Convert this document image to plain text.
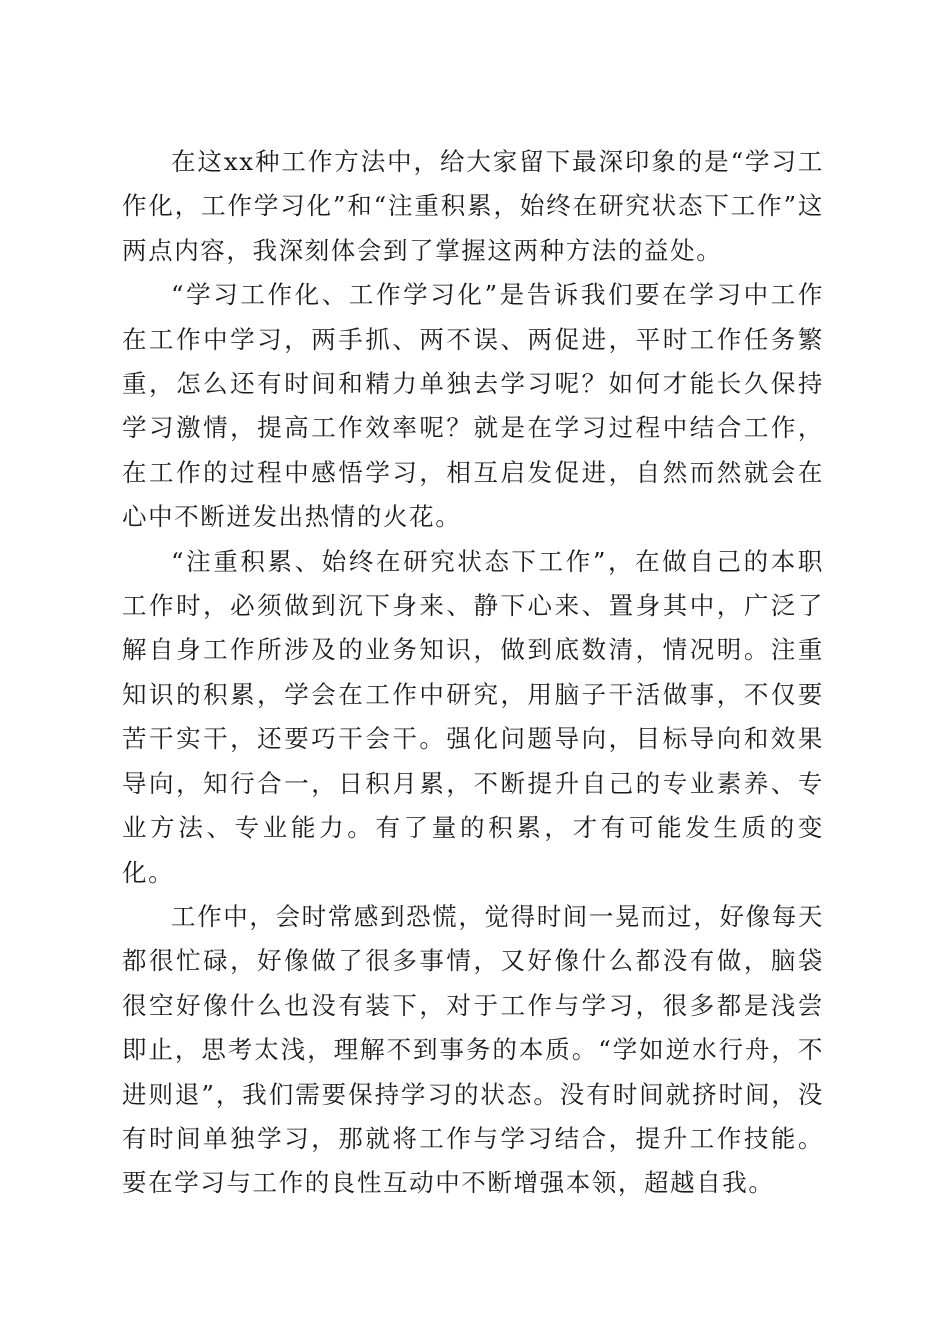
在这xx种工作方法中，给大家留下最深印象的是“学习工作化，工作学习化”和“注重积累，始终在研究状态下工作”这两点内容，我深刻体会到了掌握这两种方法的益处。

“学习工作化、工作学习化”是告诉我们要在学习中工作在工作中学习，两手抓、两不误、两促进，平时工作任务繁重，怎么还有时间和精力单独去学习呢？如何才能长久保持学习激情，提高工作效率呢？就是在学习过程中结合工作，在工作的过程中感悟学习，相互启发促进，自然而然就会在心中不断迸发出热情的火花。

“注重积累、始终在研究状态下工作”，在做自己的本职工作时，必须做到沉下身来、静下心来、置身其中，广泛了解自身工作所涉及的业务知识，做到底数清，情况明。注重知识的积累，学会在工作中研究，用脑子干活做事，不仅要苦干实干，还要巧干会干。强化问题导向，目标导向和效果导向，知行合一，日积月累，不断提升自己的专业素养、专业方法、专业能力。有了量的积累，才有可能发生质的变化。

工作中，会时常感到恐慌，觉得时间一晃而过，好像每天都很忙碌，好像做了很多事情，又好像什么都没有做，脑袋很空好像什么也没有装下，对于工作与学习，很多都是浅尝即止，思考太浅，理解不到事务的本质。“学如逆水行舟，不进则退”，我们需要保持学习的状态。没有时间就挤时间，没有时间单独学习，那就将工作与学习结合，提升工作技能。要在学习与工作的良性互动中不断增强本领，超越自我。
